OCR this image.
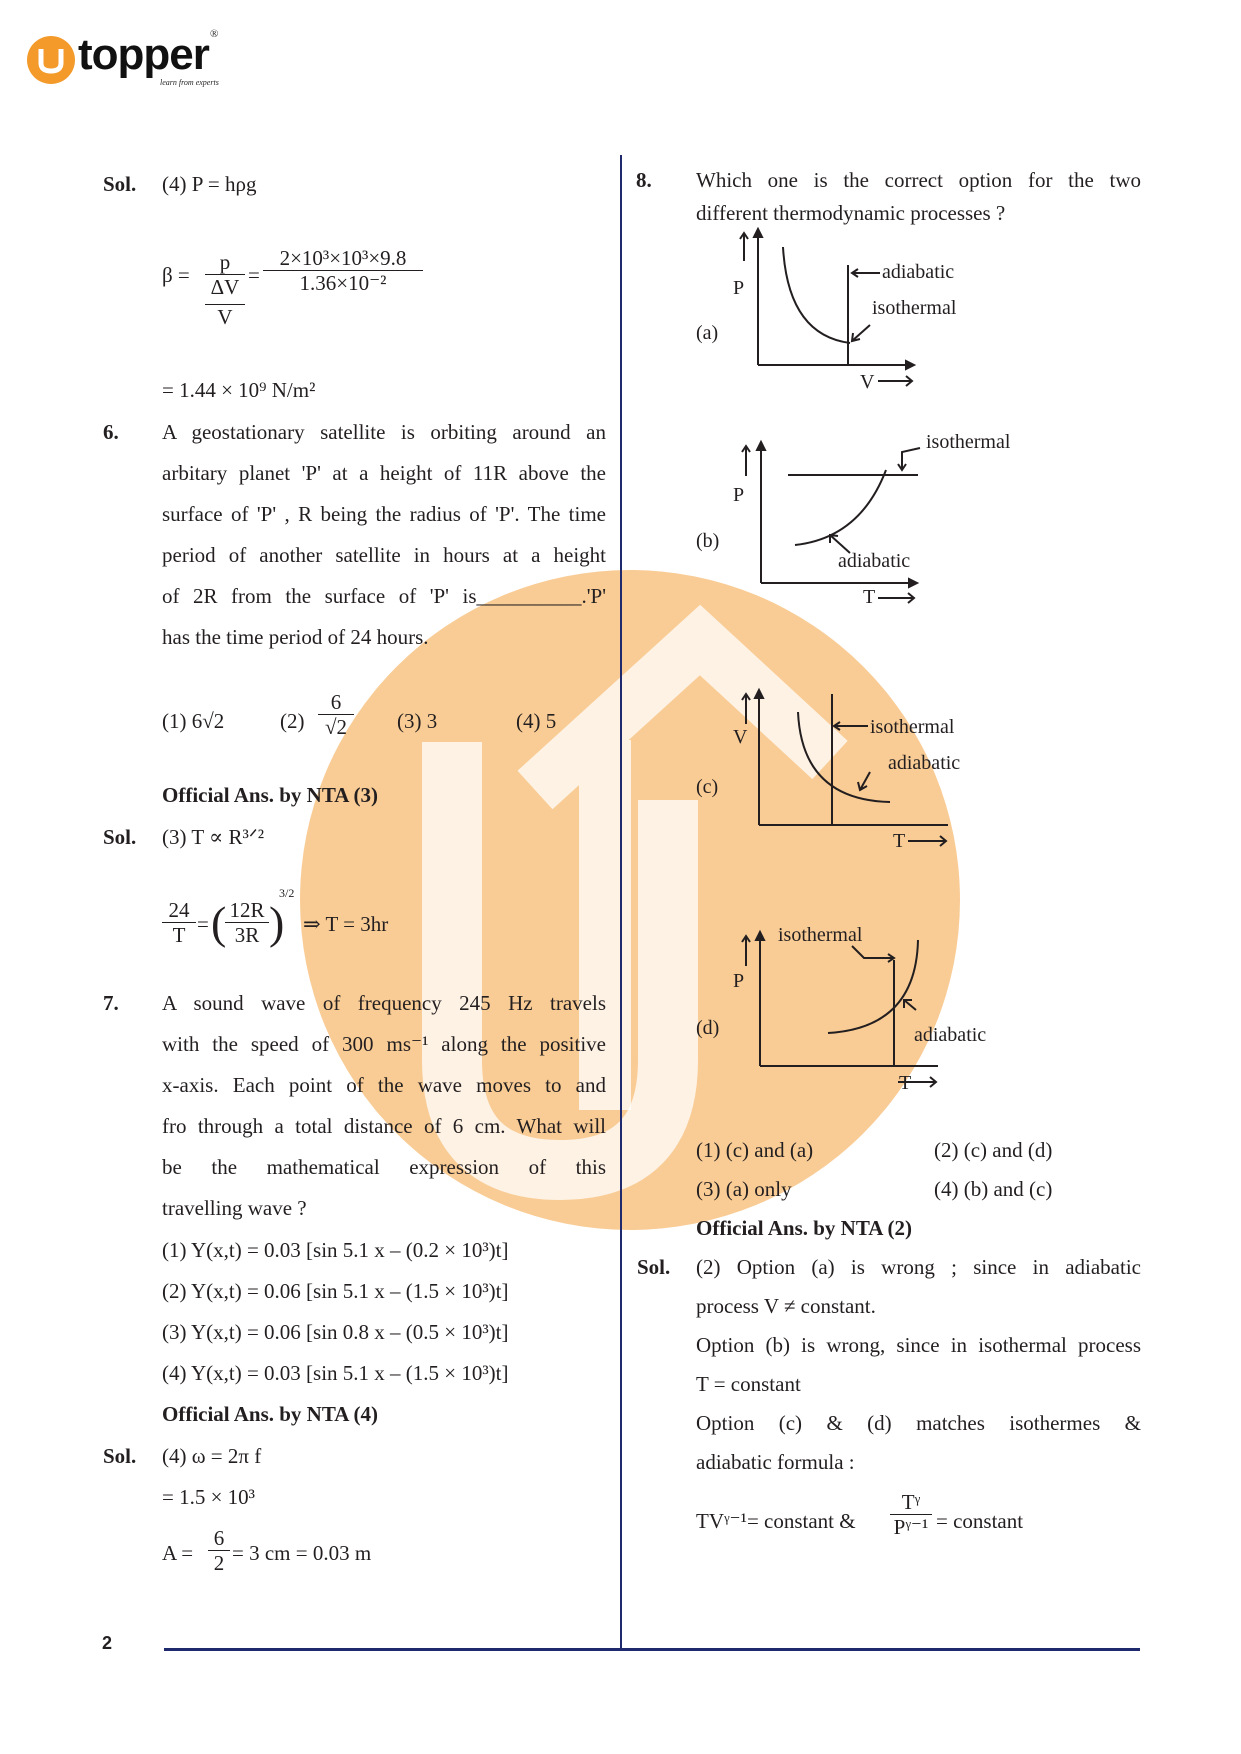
topper ®
learn from experts
2
Sol. (4) P = hρg
β =
p
ΔV
V
= $\frac{\text{2×10³×10³×9.8}}{\text{1.36×10⁻²}}$
= 1.44 × 10⁹ N/m²
6. A geostationary satellite is orbiting around an
arbitary planet 'P' at a height of 11R above the
surface of 'P' , R being the radius of 'P'. The time
period of another satellite in hours at a height
of 2R from the surface of 'P' is__________.'P'
has the time period of 24 hours.
(1) 6√2	$(2) \frac{6}{√2} (3)$ 3	(4) 5
Official Ans. by NTA (3)
Sol. (3) T ∝ R³ᐟ²
$\frac{24}{T}$ = (
$\frac{12R}{3R}$ )
3/2
⇒ T = 3hr
7. A sound wave of frequency 245 Hz travels
with the speed of 300 ms⁻¹ along the positive
x-axis. Each point of the wave moves to and
fro through a total distance of 6 cm. What will
be the mathematical expression of this
travelling wave ?
(1) Y(x,t) = 0.03 [sin 5.1 x – (0.2 × 10³)t]
(2) Y(x,t) = 0.06 [sin 5.1 x – (1.5 × 10³)t]
(3) Y(x,t) = 0.06 [sin 0.8 x – (0.5 × 10³)t]
(4) Y(x,t) = 0.03 [sin 5.1 x – (1.5 × 10³)t]
Official Ans. by NTA (4)
Sol. (4) ω = 2π f
= 1.5 × 10³
$A = \frac{6}{2} = 3$ cm = 0.03 m
8. Which one is the correct option for the two
different thermodynamic processes ?
(a)
P
V
adiabatic
isothermal
(b)
P
T
isothermal
adiabatic
(c)
V
T
isothermal
adiabatic
(d)
P
T
isothermal
adiabatic
(1) (c) and (a)	(2) (c) and (d)
(3) (a) only	(4) (b) and (c)
Official Ans. by NTA (2)
Sol. (2) Option (a) is wrong ; since in adiabatic
process V ≠ constant.
Option (b) is wrong, since in isothermal process
T = constant
Option (c) & (d) matches isothermes &
adiabatic formula :
TVᵞ⁻¹= constant & $\frac{\text{Tᵞ}}{\text{Pᵞ⁻¹}}$ = constant
